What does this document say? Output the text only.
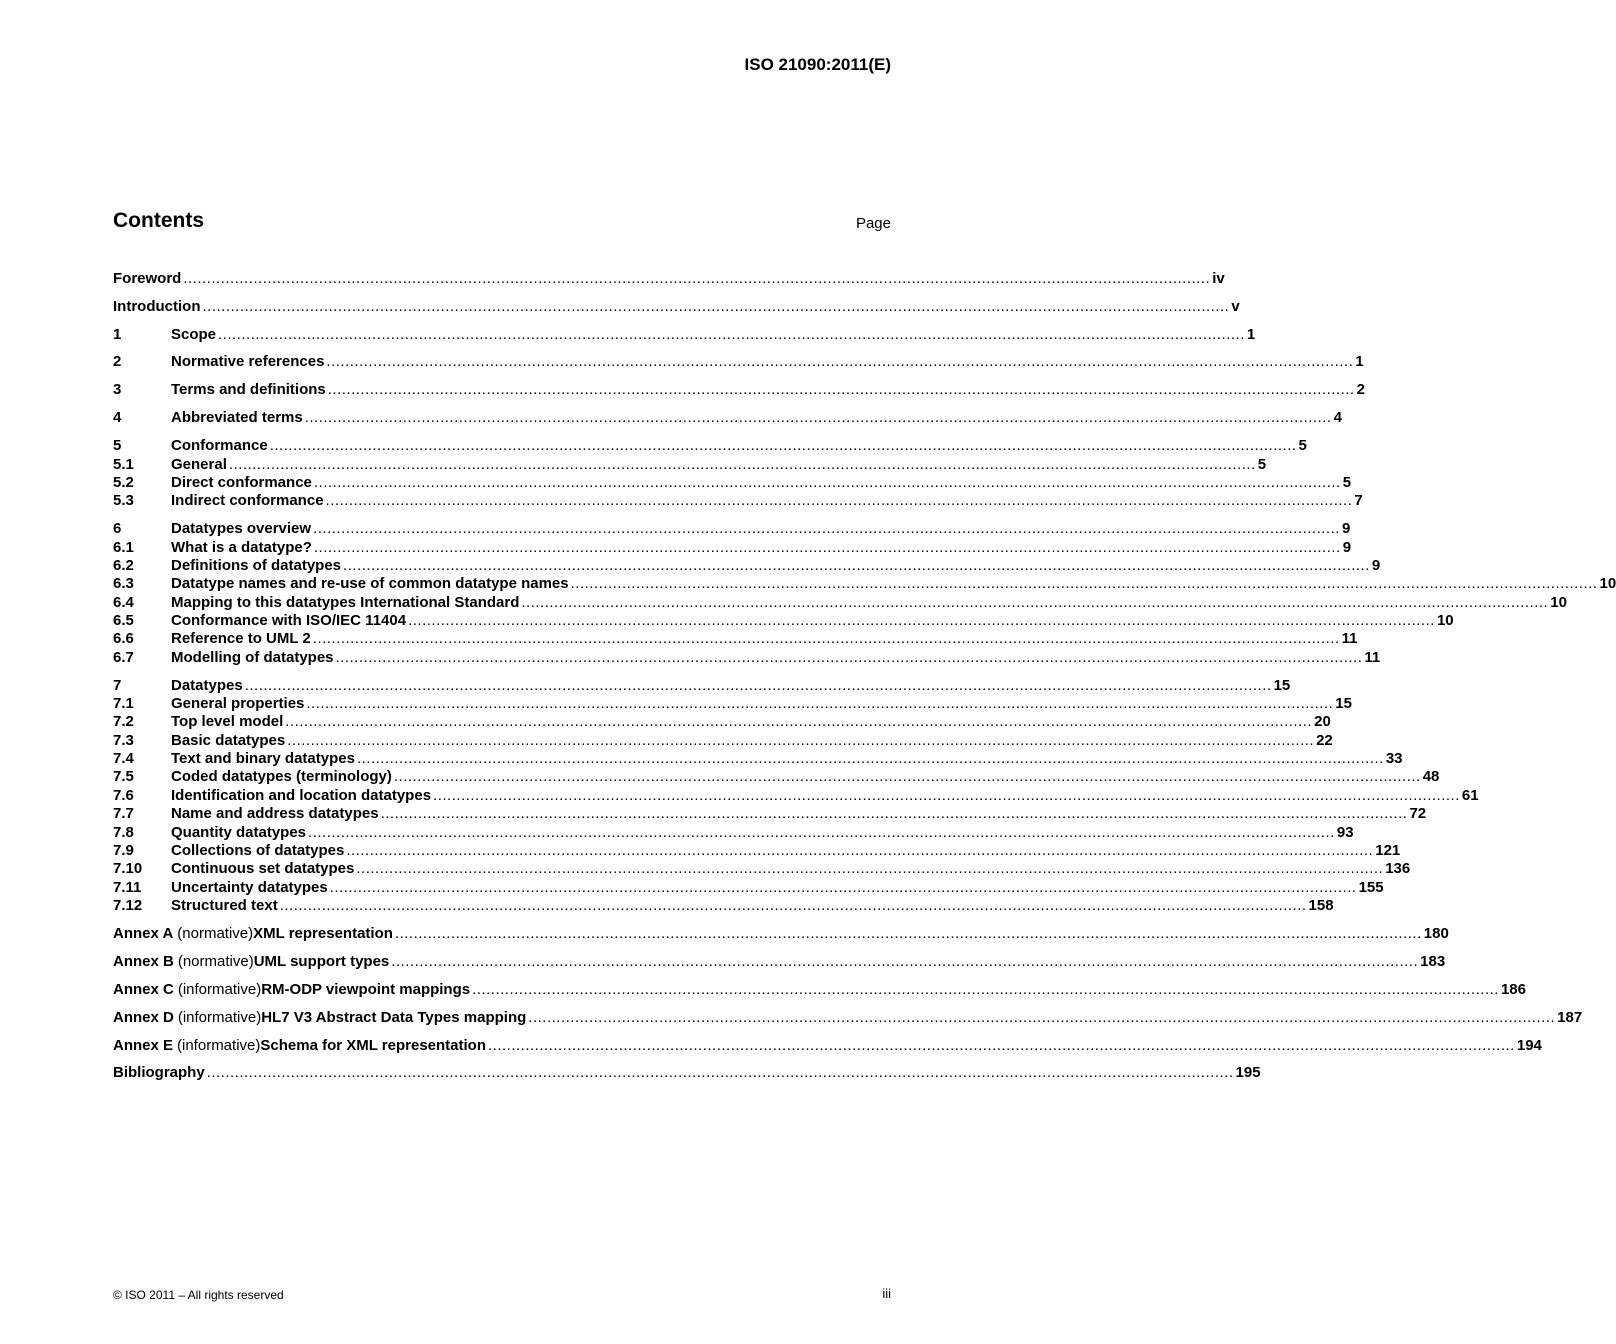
ISO 21090:2011(E)
Contents	Page
Foreword ............................................................................................................................................................................................................................ iv
Introduction ............................................................................................................................................................................................................................ v
1	Scope ............................................................................................................................................................................................................................ 1
2	Normative references ............................................................................................................................................................................................................................ 1
3	Terms and definitions ............................................................................................................................................................................................................................ 2
4	Abbreviated terms ............................................................................................................................................................................................................................ 4
5	Conformance ............................................................................................................................................................................................................................ 5
5.1	General ............................................................................................................................................................................................................................ 5
5.2	Direct conformance ............................................................................................................................................................................................................................ 5
5.3	Indirect conformance ............................................................................................................................................................................................................................ 7
6	Datatypes overview ............................................................................................................................................................................................................................ 9
6.1	What is a datatype? ............................................................................................................................................................................................................................ 9
6.2	Definitions of datatypes ............................................................................................................................................................................................................................ 9
6.3	Datatype names and re-use of common datatype names ............................................................................................................................................................................................................................ 10
6.4	Mapping to this datatypes International Standard ............................................................................................................................................................................................................................ 10
6.5	Conformance with ISO/IEC 11404 ............................................................................................................................................................................................................................ 10
6.6	Reference to UML 2 ............................................................................................................................................................................................................................ 11
6.7	Modelling of datatypes ............................................................................................................................................................................................................................ 11
7	Datatypes ............................................................................................................................................................................................................................ 15
7.1	General properties ............................................................................................................................................................................................................................ 15
7.2	Top level model ............................................................................................................................................................................................................................ 20
7.3	Basic datatypes ............................................................................................................................................................................................................................ 22
7.4	Text and binary datatypes ............................................................................................................................................................................................................................ 33
7.5	Coded datatypes (terminology) ............................................................................................................................................................................................................................ 48
7.6	Identification and location datatypes ............................................................................................................................................................................................................................ 61
7.7	Name and address datatypes ............................................................................................................................................................................................................................ 72
7.8	Quantity datatypes ............................................................................................................................................................................................................................ 93
7.9	Collections of datatypes ............................................................................................................................................................................................................................ 121
7.10	Continuous set datatypes ............................................................................................................................................................................................................................ 136
7.11	Uncertainty datatypes ............................................................................................................................................................................................................................ 155
7.12	Structured text ............................................................................................................................................................................................................................ 158
Annex A (normative) XML representation ............................................................................................................................................................................................................................ 180
Annex B (normative) UML support types ............................................................................................................................................................................................................................ 183
Annex C (informative) RM-ODP viewpoint mappings ............................................................................................................................................................................................................................ 186
Annex D (informative) HL7 V3 Abstract Data Types mapping ............................................................................................................................................................................................................................ 187
Annex E (informative) Schema for XML representation ............................................................................................................................................................................................................................ 194
Bibliography ............................................................................................................................................................................................................................ 195
© ISO 2011 – All rights reserved	iii
